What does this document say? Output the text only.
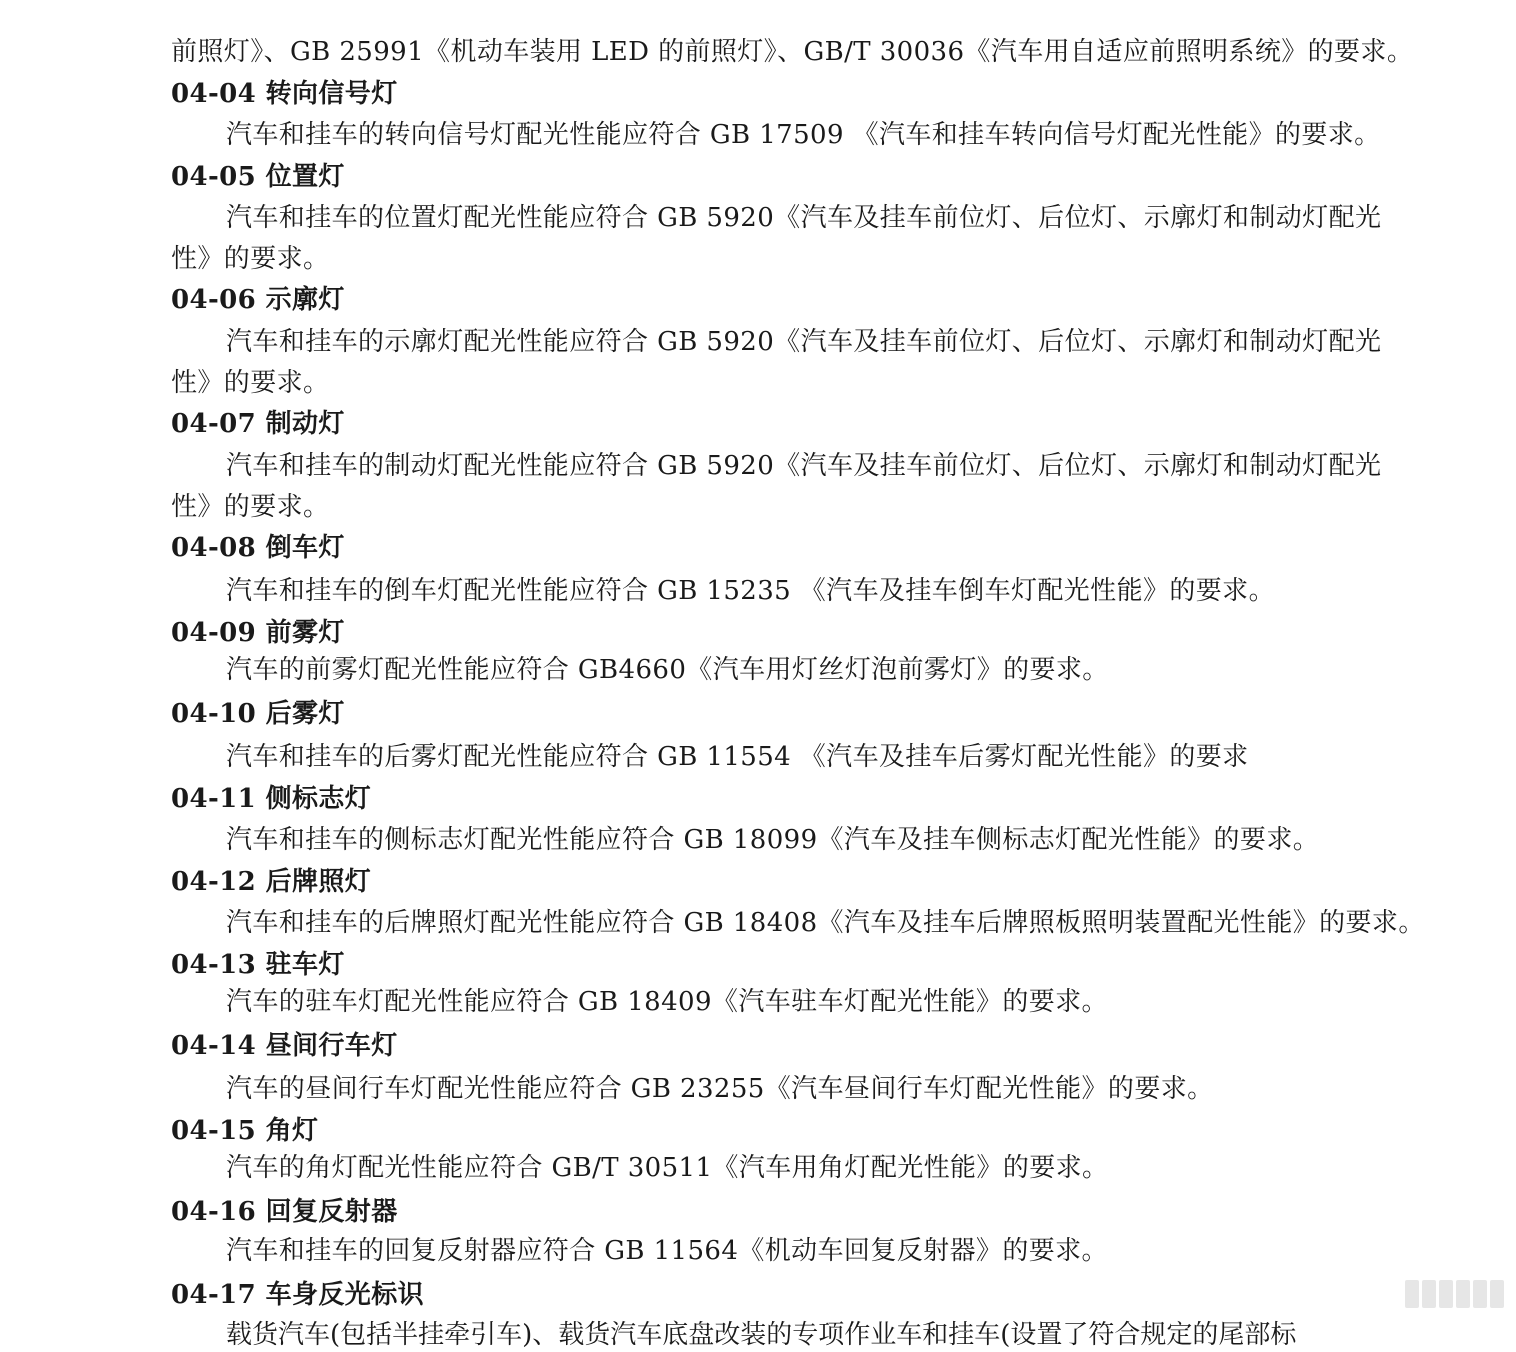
前照灯》、GB 25991《机动车装用 LED 的前照灯》、GB/T 30036《汽车用自适应前照明系统》的要求。
04-04 转向信号灯
汽车和挂车的转向信号灯配光性能应符合 GB 17509 《汽车和挂车转向信号灯配光性能》的要求。
04-05 位置灯
汽车和挂车的位置灯配光性能应符合 GB 5920《汽车及挂车前位灯、后位灯、示廓灯和制动灯配光
性》的要求。
04-06 示廓灯
汽车和挂车的示廓灯配光性能应符合 GB 5920《汽车及挂车前位灯、后位灯、示廓灯和制动灯配光
性》的要求。
04-07 制动灯
汽车和挂车的制动灯配光性能应符合 GB 5920《汽车及挂车前位灯、后位灯、示廓灯和制动灯配光
性》的要求。
04-08 倒车灯
汽车和挂车的倒车灯配光性能应符合 GB 15235 《汽车及挂车倒车灯配光性能》的要求。
04-09 前雾灯
汽车的前雾灯配光性能应符合 GB4660《汽车用灯丝灯泡前雾灯》的要求。
04-10 后雾灯
汽车和挂车的后雾灯配光性能应符合 GB 11554 《汽车及挂车后雾灯配光性能》的要求
04-11 侧标志灯
汽车和挂车的侧标志灯配光性能应符合 GB 18099《汽车及挂车侧标志灯配光性能》的要求。
04-12 后牌照灯
汽车和挂车的后牌照灯配光性能应符合 GB 18408《汽车及挂车后牌照板照明装置配光性能》的要求。
04-13 驻车灯
汽车的驻车灯配光性能应符合 GB 18409《汽车驻车灯配光性能》的要求。
04-14 昼间行车灯
汽车的昼间行车灯配光性能应符合 GB 23255《汽车昼间行车灯配光性能》的要求。
04-15 角灯
汽车的角灯配光性能应符合 GB/T 30511《汽车用角灯配光性能》的要求。
04-16 回复反射器
汽车和挂车的回复反射器应符合 GB 11564《机动车回复反射器》的要求。
04-17 车身反光标识
载货汽车(包括半挂牵引车)、载货汽车底盘改装的专项作业车和挂车(设置了符合规定的尾部标
